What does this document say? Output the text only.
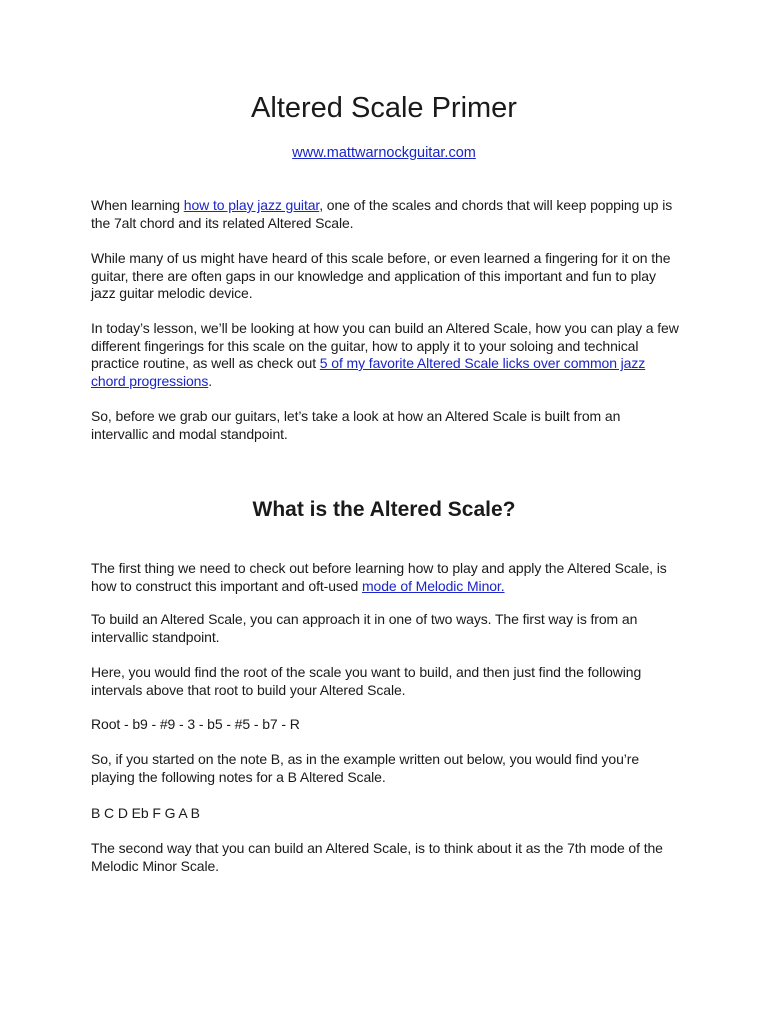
Altered Scale Primer
www.mattwarnockguitar.com

When learning how to play jazz guitar, one of the scales and chords that will keep popping up is the 7alt chord and its related Altered Scale.

While many of us might have heard of this scale before, or even learned a fingering for it on the guitar, there are often gaps in our knowledge and application of this important and fun to play jazz guitar melodic device.

In today’s lesson, we’ll be looking at how you can build an Altered Scale, how you can play a few different fingerings for this scale on the guitar, how to apply it to your soloing and technical practice routine, as well as check out 5 of my favorite Altered Scale licks over common jazz chord progressions.

So, before we grab our guitars, let’s take a look at how an Altered Scale is built from an intervallic and modal standpoint.

What is the Altered Scale?

The first thing we need to check out before learning how to play and apply the Altered Scale, is how to construct this important and oft-used mode of Melodic Minor.

To build an Altered Scale, you can approach it in one of two ways. The first way is from an intervallic standpoint.

Here, you would find the root of the scale you want to build, and then just find the following intervals above that root to build your Altered Scale.

Root - b9 - #9 - 3 - b5 - #5 - b7 - R

So, if you started on the note B, as in the example written out below, you would find you’re playing the following notes for a B Altered Scale.

B C D Eb F G A B

The second way that you can build an Altered Scale, is to think about it as the 7th mode of the Melodic Minor Scale.
